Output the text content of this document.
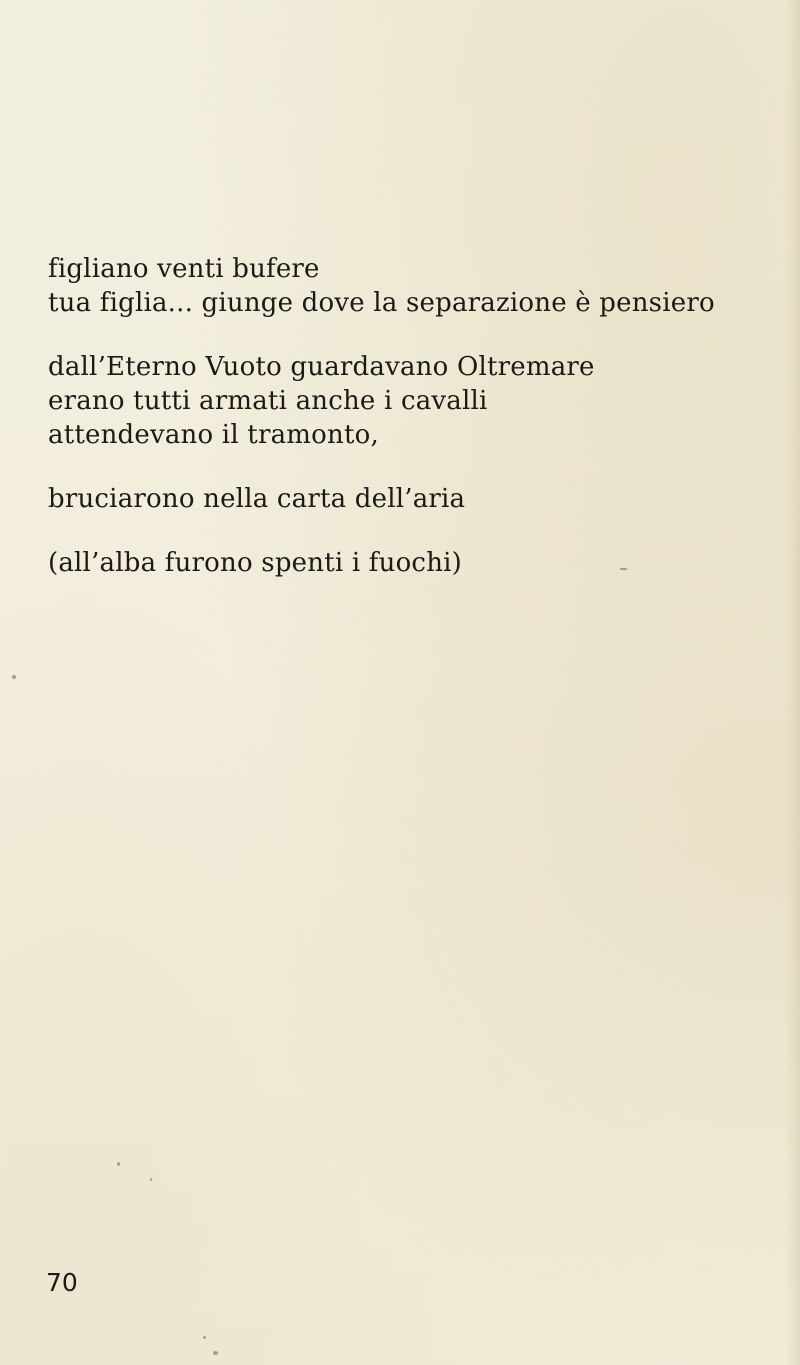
figliano venti bufere
tua figlia... giunge dove la separazione è pensiero
dall’Eterno Vuoto guardavano Oltremare
erano tutti armati anche i cavalli
attendevano il tramonto,
bruciarono nella carta dell’aria
(all’alba furono spenti i fuochi)
70
